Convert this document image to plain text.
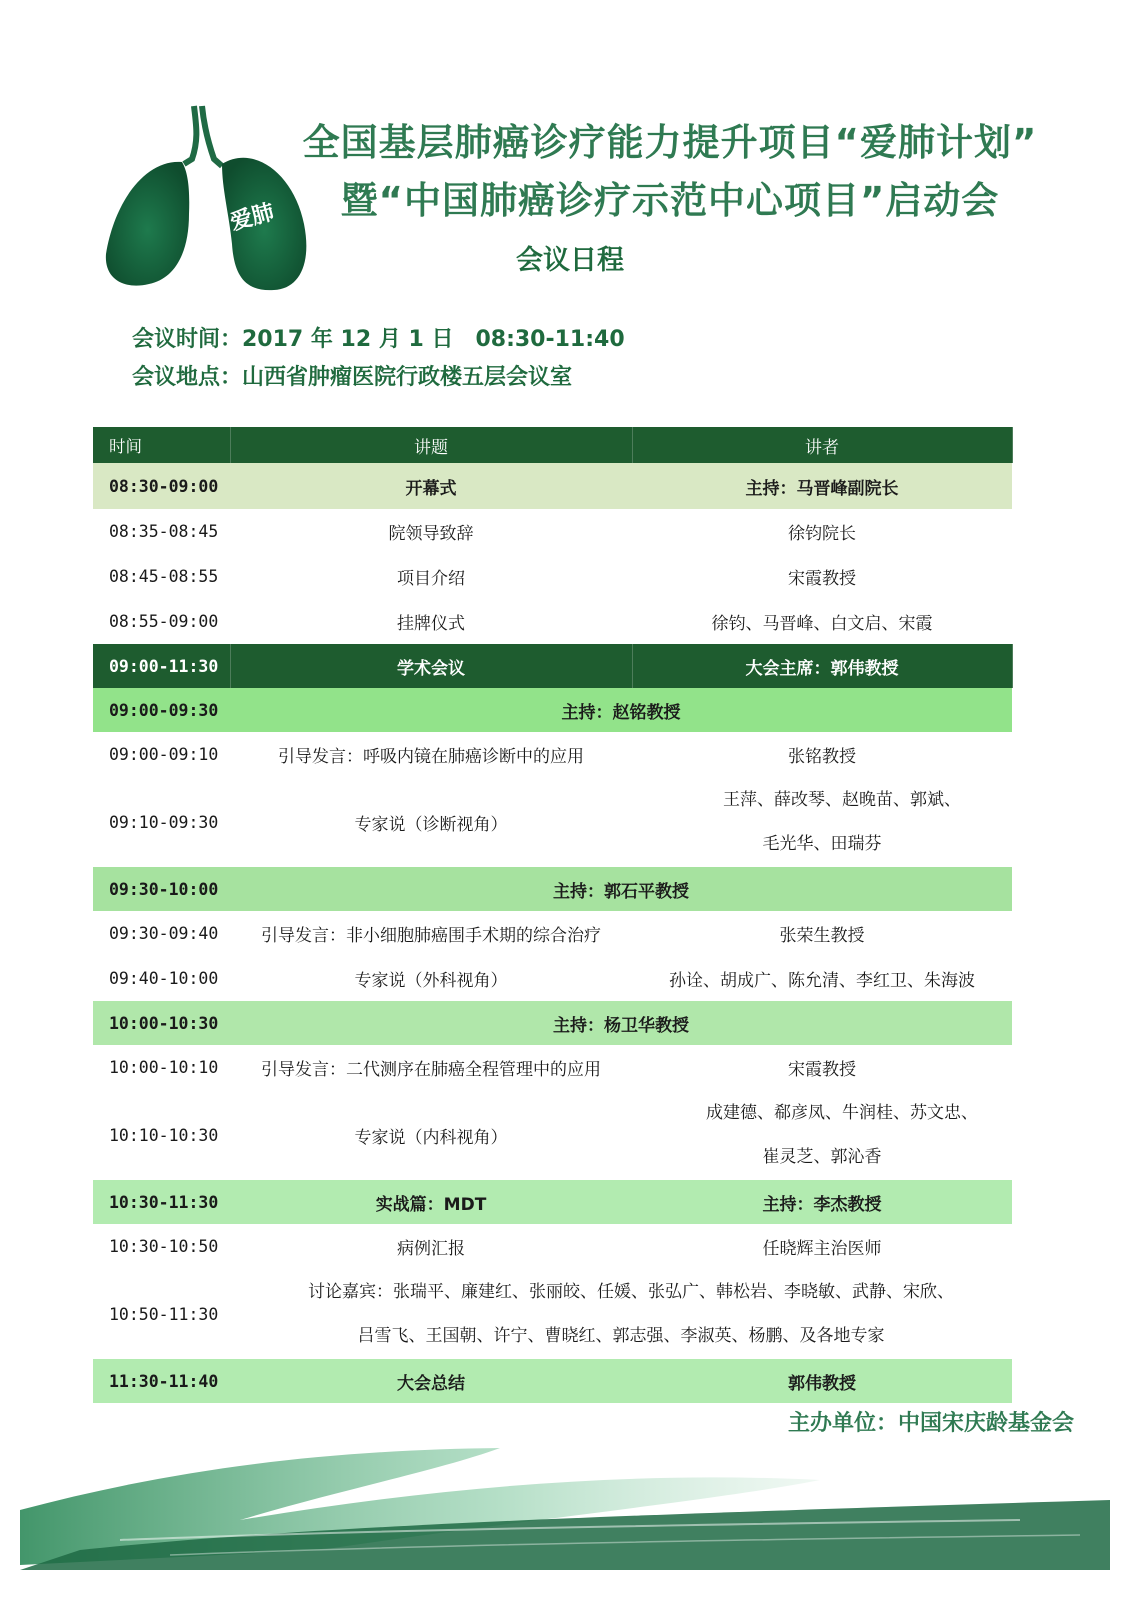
爱肺
全国基层肺癌诊疗能力提升项目“爱肺计划”
暨“中国肺癌诊疗示范中心项目”启动会
会议日程
会议时间：2017 年 12 月 1 日　08:30-11:40
会议地点：山西省肿瘤医院行政楼五层会议室
时间	讲题	讲者
08:30-09:00	开幕式	主持：马晋峰副院长
08:35-08:45	院领导致辞	徐钧院长
08:45-08:55	项目介绍	宋霞教授
08:55-09:00	挂牌仪式	徐钧、马晋峰、白文启、宋霞
09:00-11:30	学术会议	大会主席：郭伟教授
09:00-09:30	主持：赵铭教授	
09:00-09:10	引导发言：呼吸内镜在肺癌诊断中的应用	张铭教授
09:10-09:30	专家说（诊断视角）	王萍、薛改琴、赵晚苗、郭斌、
毛光华、田瑞芬

09:30-10:00	主持：郭石平教授	
09:30-09:40	引导发言：非小细胞肺癌围手术期的综合治疗	张荣生教授
09:40-10:00	专家说（外科视角）	孙诠、胡成广、陈允清、李红卫、朱海波
10:00-10:30	主持：杨卫华教授	
10:00-10:10	引导发言：二代测序在肺癌全程管理中的应用	宋霞教授
10:10-10:30	专家说（内科视角）	成建德、郗彦凤、牛润桂、苏文忠、
崔灵芝、郭沁香

10:30-11:30	实战篇：MDT	主持：李杰教授
10:30-10:50	病例汇报	任晓辉主治医师
10:50-11:30	讨论嘉宾：张瑞平、廉建红、张丽皎、任媛、张弘广、韩松岩、李晓敏、武静、宋欣、
吕雪飞、王国朝、许宁、曹晓红、郭志强、李淑英、杨鹏、及各地专家	

11:30-11:40	大会总结	郭伟教授
主办单位：中国宋庆龄基金会
